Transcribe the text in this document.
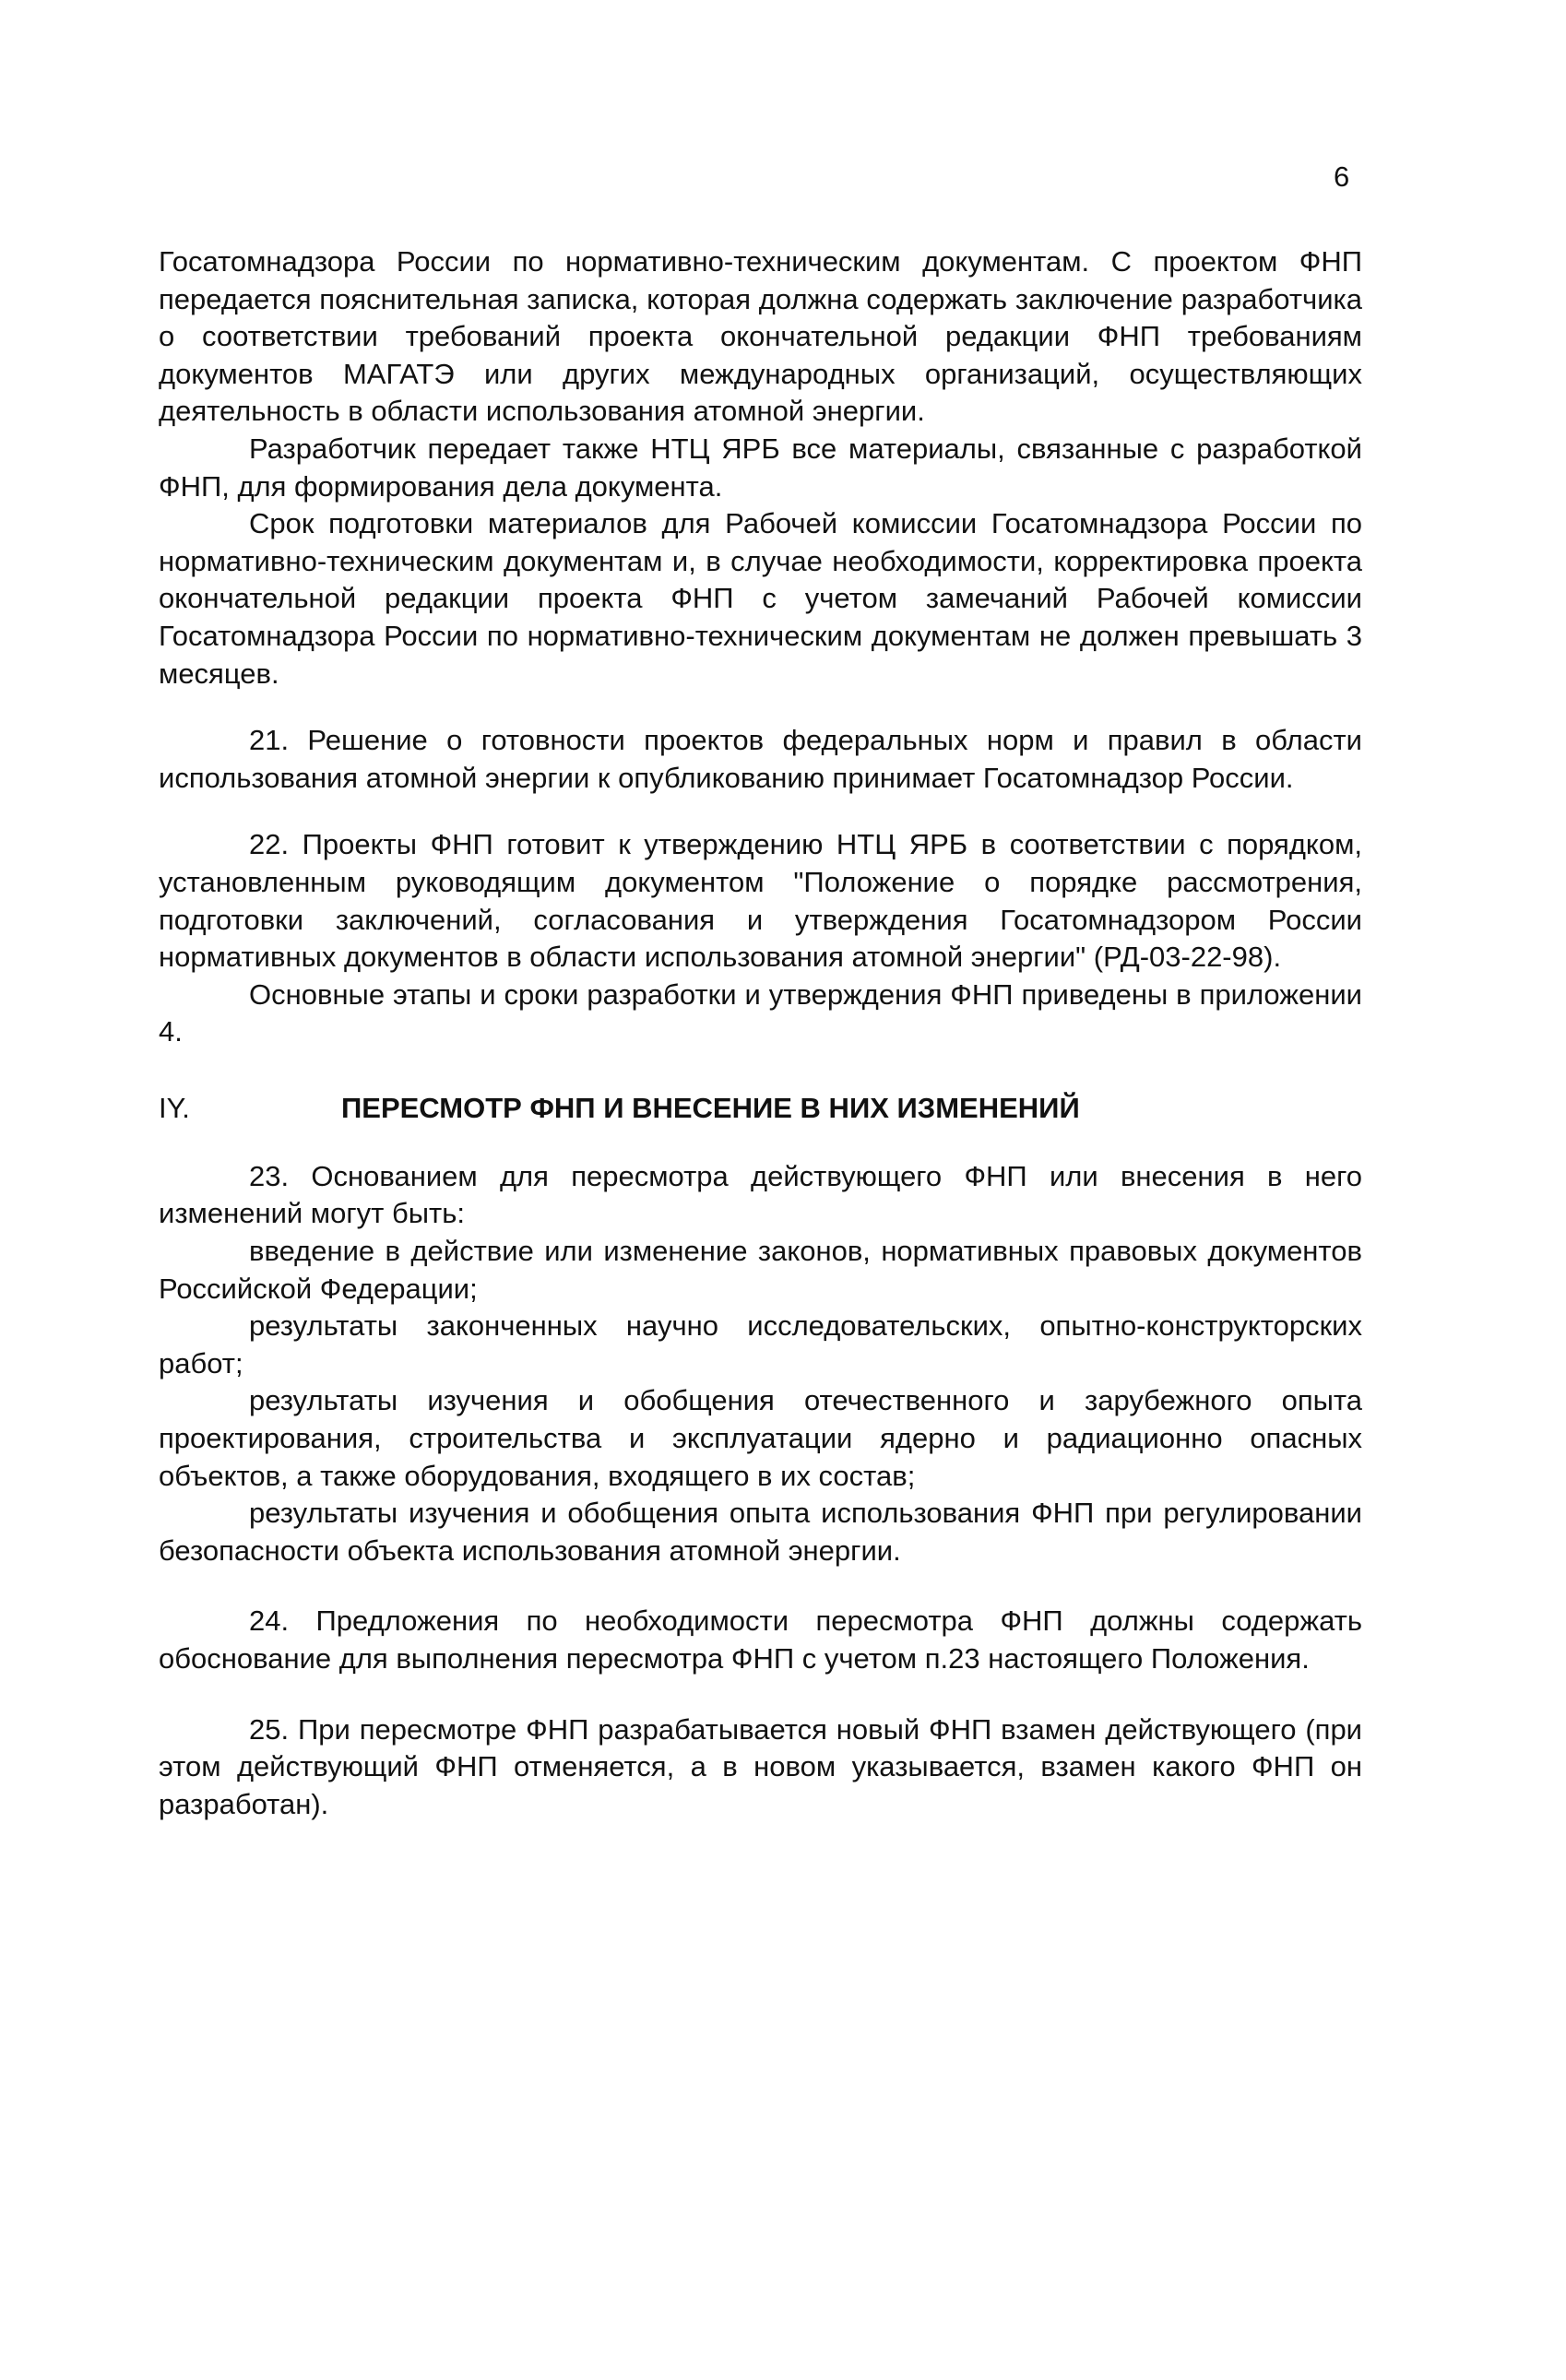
6

Госатомнадзора России по нормативно-техническим документам. С проектом ФНП передается пояснительная записка, которая должна содержать заключение разработчика о соответствии требований проекта окончательной редакции ФНП требованиям документов МАГАТЭ или других международных организаций, осуществляющих деятельность в области использования атомной энергии.

Разработчик передает также НТЦ ЯРБ все материалы, связанные с разработкой ФНП, для формирования дела документа.

Срок подготовки материалов для Рабочей комиссии Госатомнадзора России по нормативно-техническим документам и, в случае необходимости, корректировка проекта окончательной редакции проекта ФНП с учетом замечаний Рабочей комиссии Госатомнадзора России по нормативно-техническим документам не должен превышать 3 месяцев.

21. Решение о готовности проектов федеральных норм и правил в области использования атомной энергии к опубликованию принимает Госатомнадзор России.

22. Проекты ФНП готовит к утверждению НТЦ ЯРБ в соответствии с порядком, установленным руководящим документом "Положение о порядке рассмотрения, подготовки заключений, согласования и утверждения Госатомнадзором России нормативных документов в области использования атомной энергии" (РД-03-22-98).

Основные этапы и сроки разработки и утверждения ФНП приведены в приложении 4.

IY.	ПЕРЕСМОТР ФНП И ВНЕСЕНИЕ В НИХ ИЗМЕНЕНИЙ

23. Основанием для пересмотра действующего ФНП или внесения в него изменений могут быть:

введение в действие или изменение законов, нормативных правовых документов Российской Федерации;

результаты законченных научно исследовательских, опытно-конструкторских работ;

результаты изучения и обобщения отечественного и зарубежного опыта проектирования, строительства и эксплуатации ядерно и радиационно опасных объектов, а также оборудования, входящего в их состав;

результаты изучения и обобщения опыта использования ФНП при регулировании безопасности объекта использования атомной энергии.

24. Предложения по необходимости пересмотра ФНП должны содержать обоснование для выполнения пересмотра ФНП с учетом п.23 настоящего Положения.

25. При пересмотре ФНП разрабатывается новый ФНП взамен действующего (при этом действующий ФНП отменяется, а в новом указывается, взамен какого ФНП он разработан).
